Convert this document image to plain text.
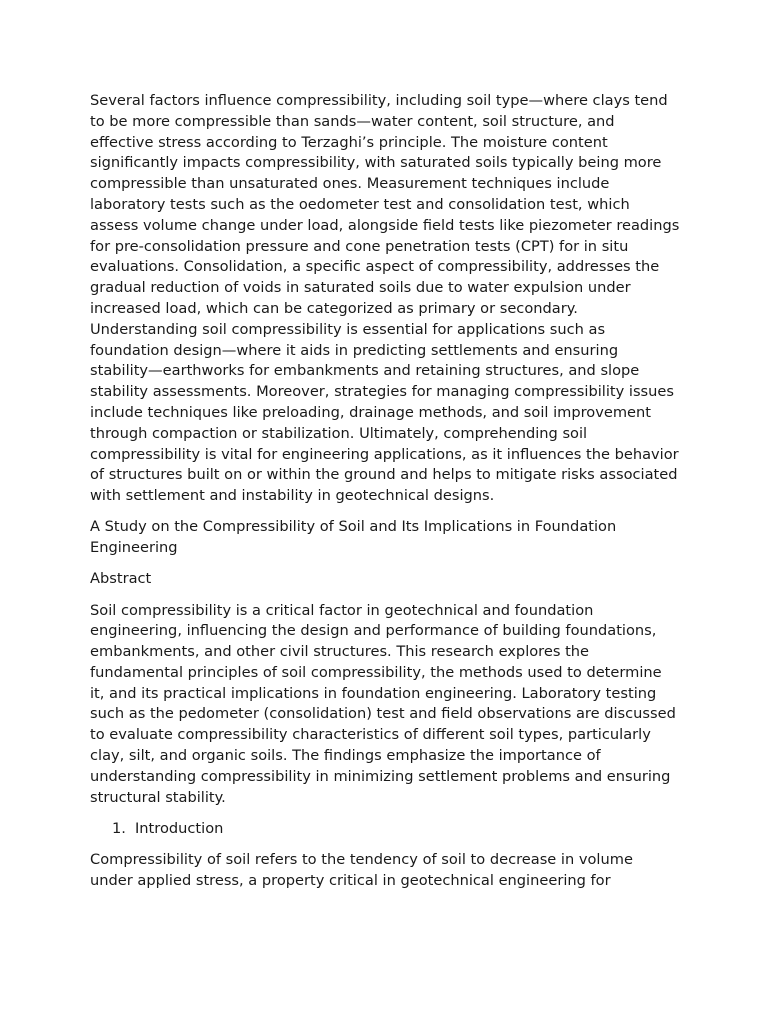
Several factors influence compressibility, including soil type—where clays tend to be more compressible than sands—water content, soil structure, and effective stress according to Terzaghi’s principle. The moisture content significantly impacts compressibility, with saturated soils typically being more compressible than unsaturated ones. Measurement techniques include laboratory tests such as the oedometer test and consolidation test, which assess volume change under load, alongside field tests like piezometer readings for pre-consolidation pressure and cone penetration tests (CPT) for in situ evaluations. Consolidation, a specific aspect of compressibility, addresses the gradual reduction of voids in saturated soils due to water expulsion under increased load, which can be categorized as primary or secondary. Understanding soil compressibility is essential for applications such as foundation design—where it aids in predicting settlements and ensuring stability—earthworks for embankments and retaining structures, and slope stability assessments. Moreover, strategies for managing compressibility issues include techniques like preloading, drainage methods, and soil improvement through compaction or stabilization. Ultimately, comprehending soil compressibility is vital for engineering applications, as it influences the behavior of structures built on or within the ground and helps to mitigate risks associated with settlement and instability in geotechnical designs.

A Study on the Compressibility of Soil and Its Implications in Foundation Engineering

Abstract

Soil compressibility is a critical factor in geotechnical and foundation engineering, influencing the design and performance of building foundations, embankments, and other civil structures. This research explores the fundamental principles of soil compressibility, the methods used to determine it, and its practical implications in foundation engineering. Laboratory testing such as the pedometer (consolidation) test and field observations are discussed to evaluate compressibility characteristics of different soil types, particularly clay, silt, and organic soils. The findings emphasize the importance of understanding compressibility in minimizing settlement problems and ensuring structural stability.

1. Introduction

Compressibility of soil refers to the tendency of soil to decrease in volume under applied stress, a property critical in geotechnical engineering for
